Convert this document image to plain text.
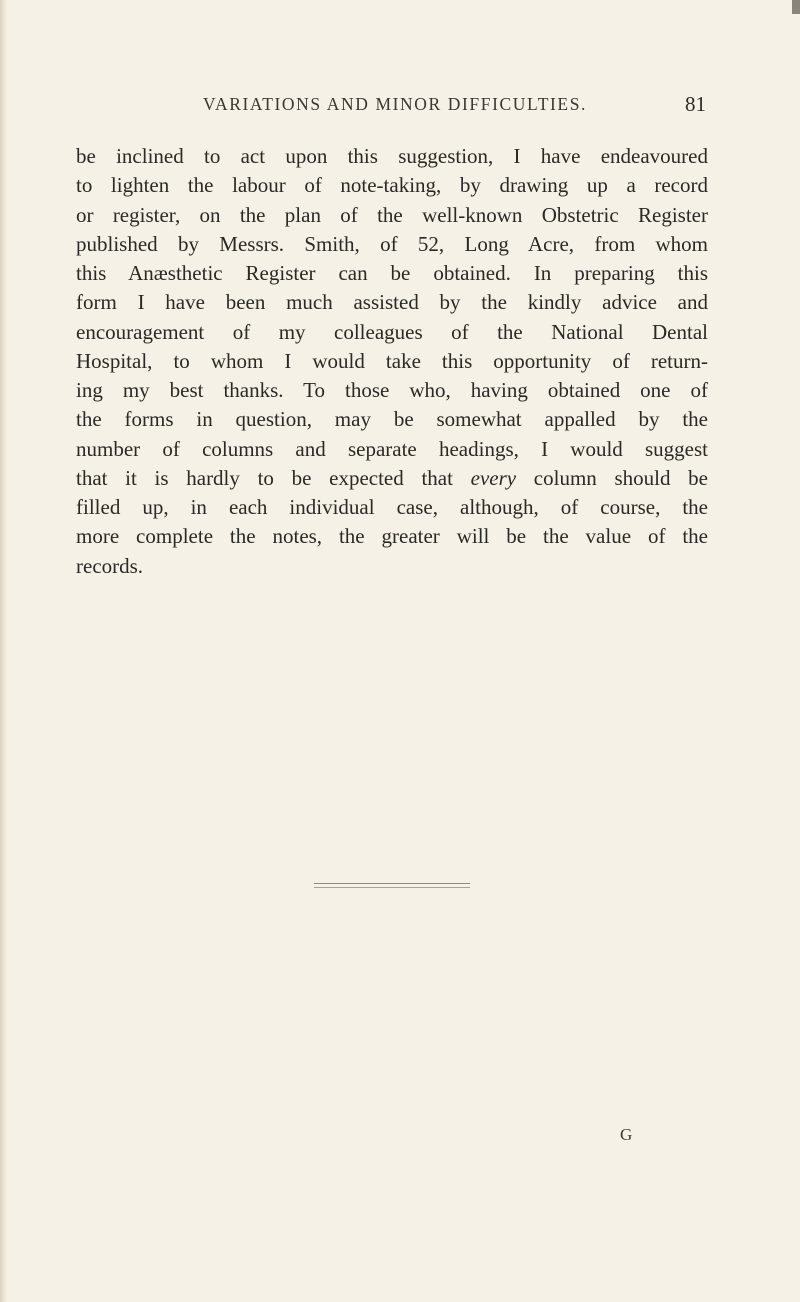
VARIATIONS AND MINOR DIFFICULTIES.	81
be inclined to act upon this suggestion, I have endeavoured
to lighten the labour of note-taking, by drawing up a record
or register, on the plan of the well-known Obstetric Register
published by Messrs. Smith, of 52, Long Acre, from whom
this Anæsthetic Register can be obtained. In preparing this
form I have been much assisted by the kindly advice and
encouragement of my colleagues of the National Dental
Hospital, to whom I would take this opportunity of return-
ing my best thanks. To those who, having obtained one of
the forms in question, may be somewhat appalled by the
number of columns and separate headings, I would suggest
that it is hardly to be expected that every column should be
filled up, in each individual case, although, of course, the
more complete the notes, the greater will be the value of the
records.
G
